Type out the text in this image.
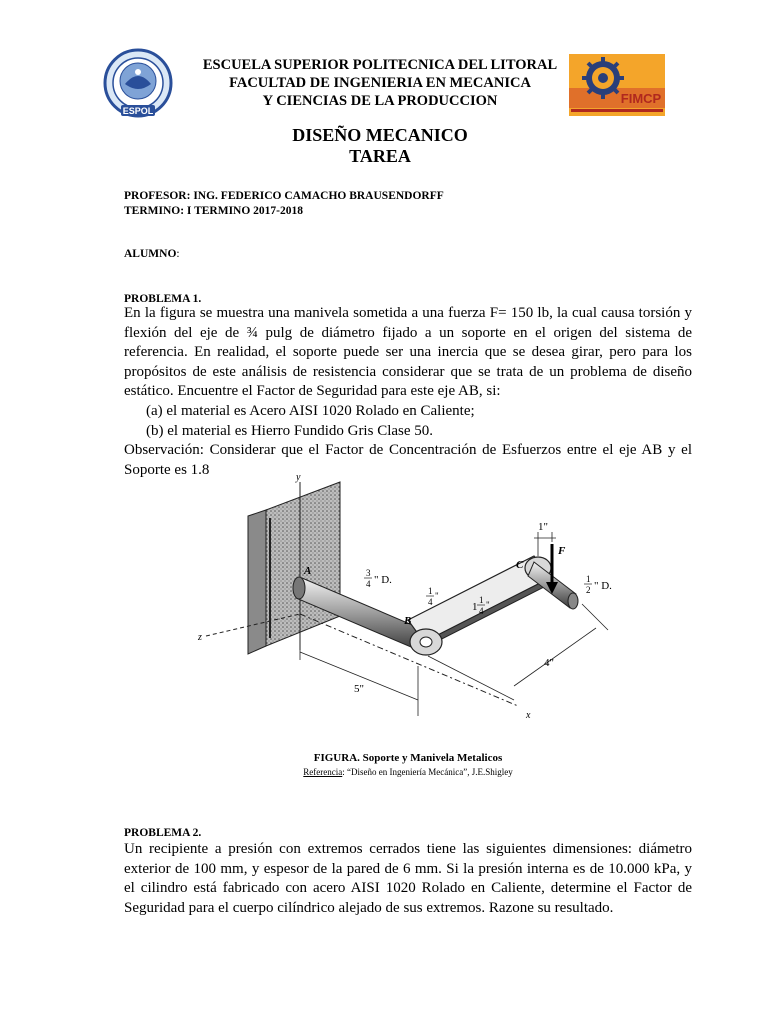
ESPOL
ESCUELA SUPERIOR POLITECNICA DEL LITORAL
FACULTAD DE INGENIERIA EN MECANICA
Y CIENCIAS DE LA PRODUCCION	FIMCP
DISEÑO MECANICO
TAREA
PROFESOR: ING. FEDERICO CAMACHO BRAUSENDORFF
TERMINO: I TERMINO 2017-2018
ALUMNO:
PROBLEMA 1.

En la figura se muestra una manivela sometida a una fuerza F= 150 lb, la cual causa torsión y flexión del eje de ¾ pulg de diámetro fijado a un soporte en el origen del sistema de referencia. En realidad, el soporte puede ser una inercia que se desea girar, pero para los propósitos de este análisis de resistencia considerar que se trata de un problema de diseño estático. Encuentre el Factor de Seguridad para este eje AB, si:

(a) el material es Acero AISI 1020 Rolado en Caliente;

(b) el material es Hierro Fundido Gris Clase 50.

Observación: Considerar que el Factor de Concentración de Esfuerzos entre el eje AB y el Soporte es 1.8	y
z
x
A
B
C
F
3
4 " D.
1
4
"
1
1
4
"
1
2 " D.
1"
5"
4"
FIGURA. Soporte y Manivela Metalicos
Referencia: “Diseño en Ingeniería Mecánica”, J.E.Shigley
PROBLEMA 2.

Un recipiente a presión con extremos cerrados tiene las siguientes dimensiones: diámetro exterior de 100 mm, y espesor de la pared de 6 mm. Si la presión interna es de 10.000 kPa, y el cilindro está fabricado con acero AISI 1020 Rolado en Caliente, determine el Factor de Seguridad para el cuerpo cilíndrico alejado de sus extremos. Razone su resultado.
